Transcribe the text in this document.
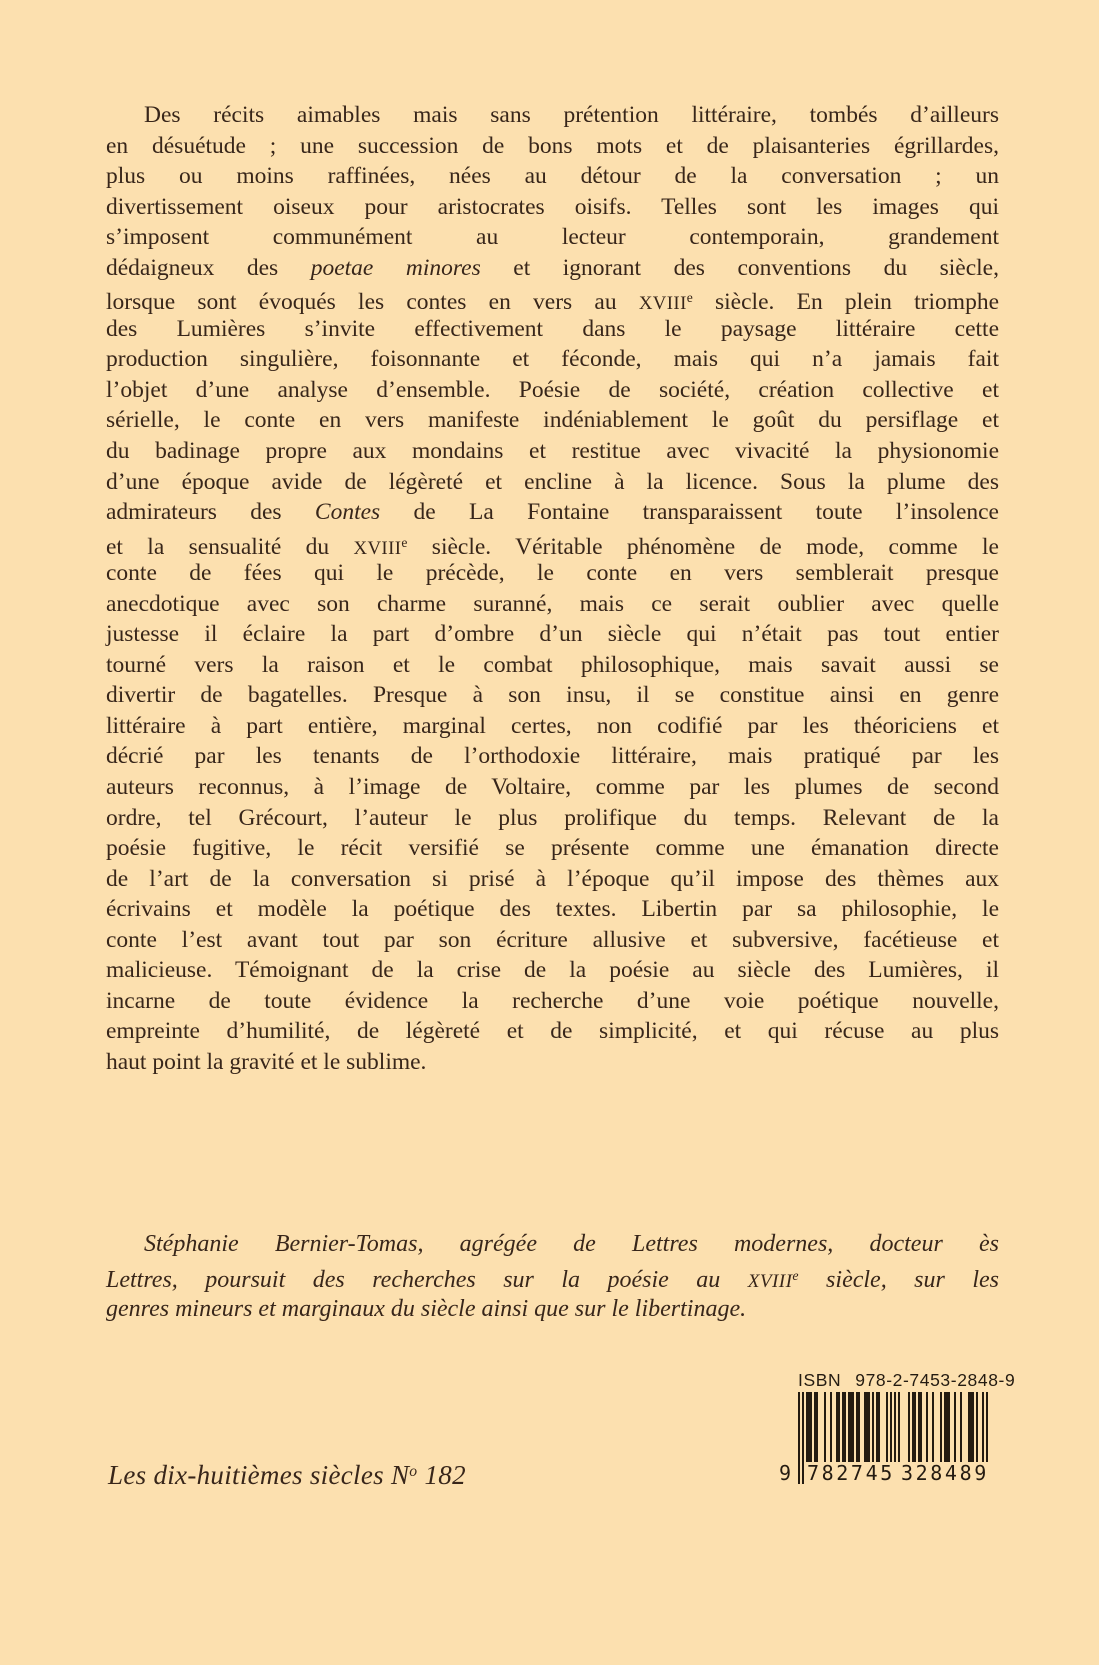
Des récits aimables mais sans prétention littéraire, tombés d’ailleurs
en désuétude ; une succession de bons mots et de plaisanteries égrillardes,
plus ou moins raffinées, nées au détour de la conversation ; un
divertissement oiseux pour aristocrates oisifs. Telles sont les images qui
s’imposent communément au lecteur contemporain, grandement
dédaigneux des poetae minores et ignorant des conventions du siècle,
lorsque sont évoqués les contes en vers au XVIIIe siècle. En plein triomphe
des Lumières s’invite effectivement dans le paysage littéraire cette
production singulière, foisonnante et féconde, mais qui n’a jamais fait
l’objet d’une analyse d’ensemble. Poésie de société, création collective et
sérielle, le conte en vers manifeste indéniablement le goût du persiflage et
du badinage propre aux mondains et restitue avec vivacité la physionomie
d’une époque avide de légèreté et encline à la licence. Sous la plume des
admirateurs des Contes de La Fontaine transparaissent toute l’insolence
et la sensualité du XVIIIe siècle. Véritable phénomène de mode, comme le
conte de fées qui le précède, le conte en vers semblerait presque
anecdotique avec son charme suranné, mais ce serait oublier avec quelle
justesse il éclaire la part d’ombre d’un siècle qui n’était pas tout entier
tourné vers la raison et le combat philosophique, mais savait aussi se
divertir de bagatelles. Presque à son insu, il se constitue ainsi en genre
littéraire à part entière, marginal certes, non codifié par les théoriciens et
décrié par les tenants de l’orthodoxie littéraire, mais pratiqué par les
auteurs reconnus, à l’image de Voltaire, comme par les plumes de second
ordre, tel Grécourt, l’auteur le plus prolifique du temps. Relevant de la
poésie fugitive, le récit versifié se présente comme une émanation directe
de l’art de la conversation si prisé à l’époque qu’il impose des thèmes aux
écrivains et modèle la poétique des textes. Libertin par sa philosophie, le
conte l’est avant tout par son écriture allusive et subversive, facétieuse et
malicieuse. Témoignant de la crise de la poésie au siècle des Lumières, il
incarne de toute évidence la recherche d’une voie poétique nouvelle,
empreinte d’humilité, de légèreté et de simplicité, et qui récuse au plus
haut point la gravité et le sublime.
Stéphanie Bernier-Tomas, agrégée de Lettres modernes, docteur ès
Lettres, poursuit des recherches sur la poésie au XVIIIe siècle, sur les
genres mineurs et marginaux du siècle ainsi que sur le libertinage.
Les dix-huitièmes siècles $N^o$ 182
ISBN 978-2-7453-2848-9
9 782745 328489
